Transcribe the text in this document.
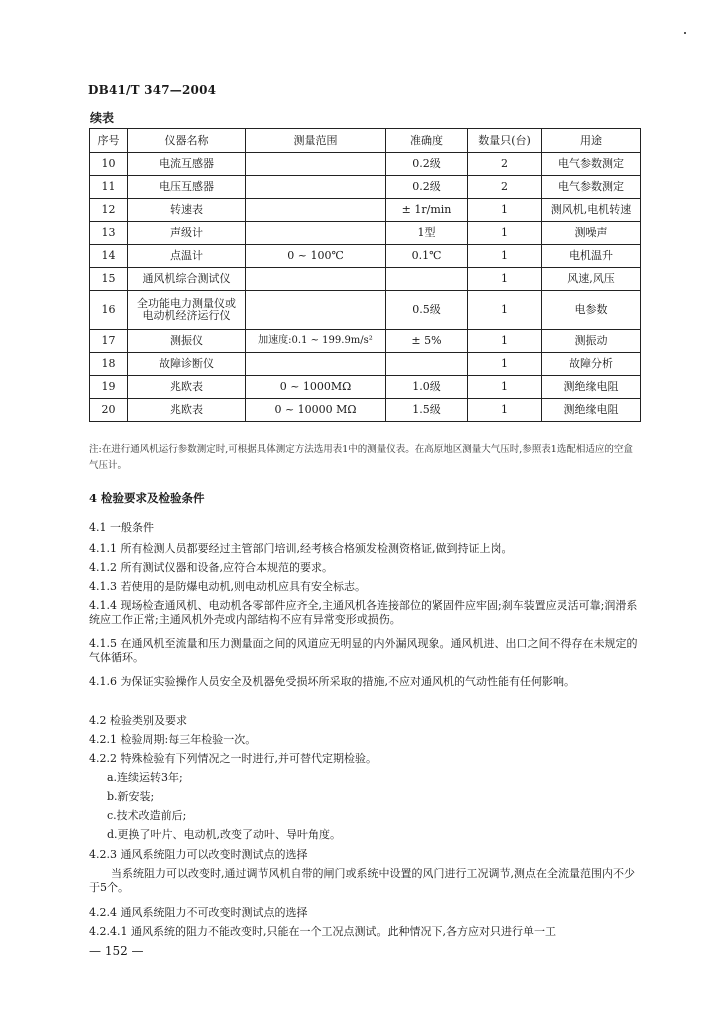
DB41/T 347—2004
续表
序号	仪器名称	测量范围	准确度	数量只(台)	用途
10	电流互感器		0.2级	2	电气参数测定
11	电压互感器		0.2级	2	电气参数测定
12	转速表		± 1r/min	1	测风机,电机转速
13	声级计		1型	1	测噪声
14	点温计	0 ~ 100℃	0.1℃	1	电机温升
15	通风机综合测试仪			1	风速,风压
16	全功能电力测量仪或电动机经济运行仪		0.5级	1	电参数
17	测振仪	加速度:0.1 ~ 199.9m/s²	± 5%	1	测振动
18	故障诊断仪			1	故障分析
19	兆欧表	0 ~ 1000MΩ	1.0级	1	测绝缘电阻
20	兆欧表	0 ~ 10000 MΩ	1.5级	1	测绝缘电阻
注:在进行通风机运行参数测定时,可根据具体测定方法选用表1中的测量仪表。在高原地区测量大气压时,参照表1选配相适应的空盒气压计。
4 检验要求及检验条件
4.1 一般条件
4.1.1 所有检测人员都要经过主管部门培训,经考核合格颁发检测资格证,做到持证上岗。
4.1.2 所有测试仪器和设备,应符合本规范的要求。
4.1.3 若使用的是防爆电动机,则电动机应具有安全标志。
4.1.4 现场检查通风机、电动机各零部件应齐全,主通风机各连接部位的紧固件应牢固;刹车装置应灵活可靠;润滑系统应工作正常;主通风机外壳或内部结构不应有异常变形或损伤。
4.1.5 在通风机至流量和压力测量面之间的风道应无明显的内外漏风现象。通风机进、出口之间不得存在未规定的气体循环。
4.1.6 为保证实验操作人员安全及机器免受损坏所采取的措施,不应对通风机的气动性能有任何影响。
4.2 检验类别及要求
4.2.1 检验周期:每三年检验一次。
4.2.2 特殊检验有下列情况之一时进行,并可替代定期检验。
a.连续运转3年;
b.新安装;
c.技术改造前后;
d.更换了叶片、电动机,改变了动叶、导叶角度。
4.2.3 通风系统阻力可以改变时测试点的选择
当系统阻力可以改变时,通过调节风机自带的闸门或系统中设置的风门进行工况调节,测点在全流量范围内不少于5个。
4.2.4 通风系统阻力不可改变时测试点的选择
4.2.4.1 通风系统的阻力不能改变时,只能在一个工况点测试。此种情况下,各方应对只进行单一工
— 152 —
